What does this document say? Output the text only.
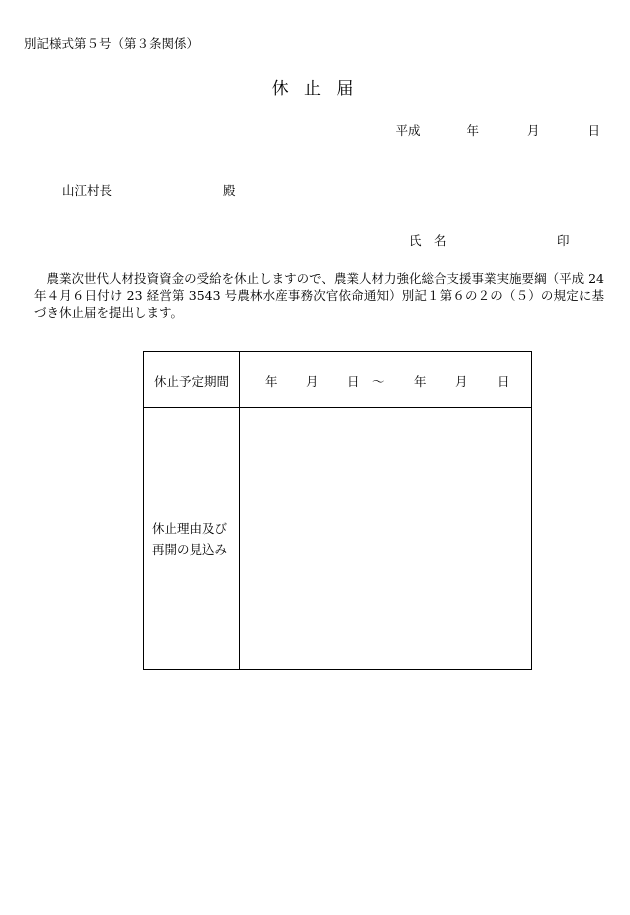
別記様式第５号（第３条関係）
休 止 届
平成	年	月	日
山江村長	殿
氏　名	印
農業次世代人材投資資金の受給を休止しますので、農業人材力強化総合支援事業実施要綱（平成 24 年４月６日付け 23 経営第 3543 号農林水産事務次官依命通知）別記１第６の２の（５）の規定に基づき休止届を提出します。
休止予定期間	年 月 日 ～ 年 月 日
休止理由及び
再開の見込み
